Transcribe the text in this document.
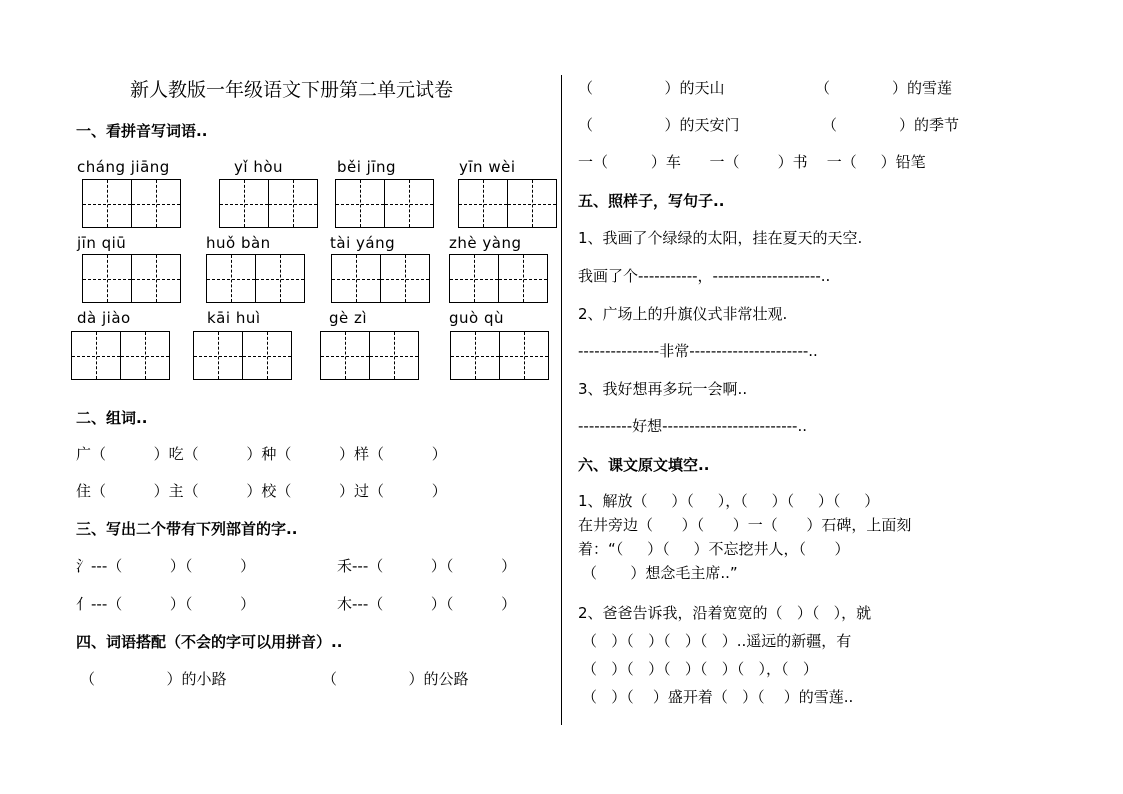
新人教版一年级语文下册第二单元试卷
一、看拼音写词语..
cháng jiāng	yǐ hòu	běi jīng	yīn wèi
jīn qiū	huǒ bàn	tài yáng	zhè yàng
dà jiào	kāi huì	gè zì	guò qù
二、组词..
广（          ）吃（          ）种（          ）样（          ）
住（          ）主（          ）校（          ）过（          ）
三、写出二个带有下列部首的字..
氵---（          ）（          ）	禾---（          ）（          ）
亻---（          ）（          ）	木---（          ）（          ）
四、词语搭配（不会的字可以用拼音）..
（               ）的小路	（               ）的公路
（               ）的天山	（             ）的雪莲
（               ）的天安门	（             ）的季节
一（         ）车      一（        ）书    一（     ）铅笔
五、照样子，写句子..
1、我画了个绿绿的太阳，挂在夏天的天空.
我画了个-----------，--------------------..
2、广场上的升旗仪式非常壮观.
---------------非常----------------------..
3、我好想再多玩一会啊..
----------好想-------------------------..
六、课文原文填空..
1、解放（     ）（     ），（     ）（     ）（     ）
在井旁边（      ）（      ）一（      ）石碑，上面刻
着：“（     ）（     ）不忘挖井人，（      ）
（       ）想念毛主席..”
2、爸爸告诉我，沿着宽宽的（   ）（   ），就
（   ）（   ）（   ）（   ）..遥远的新疆，有
（   ）（   ）（   ）（   ）（   ），（   ）
（   ）（    ）盛开着（   ）（    ）的雪莲..
